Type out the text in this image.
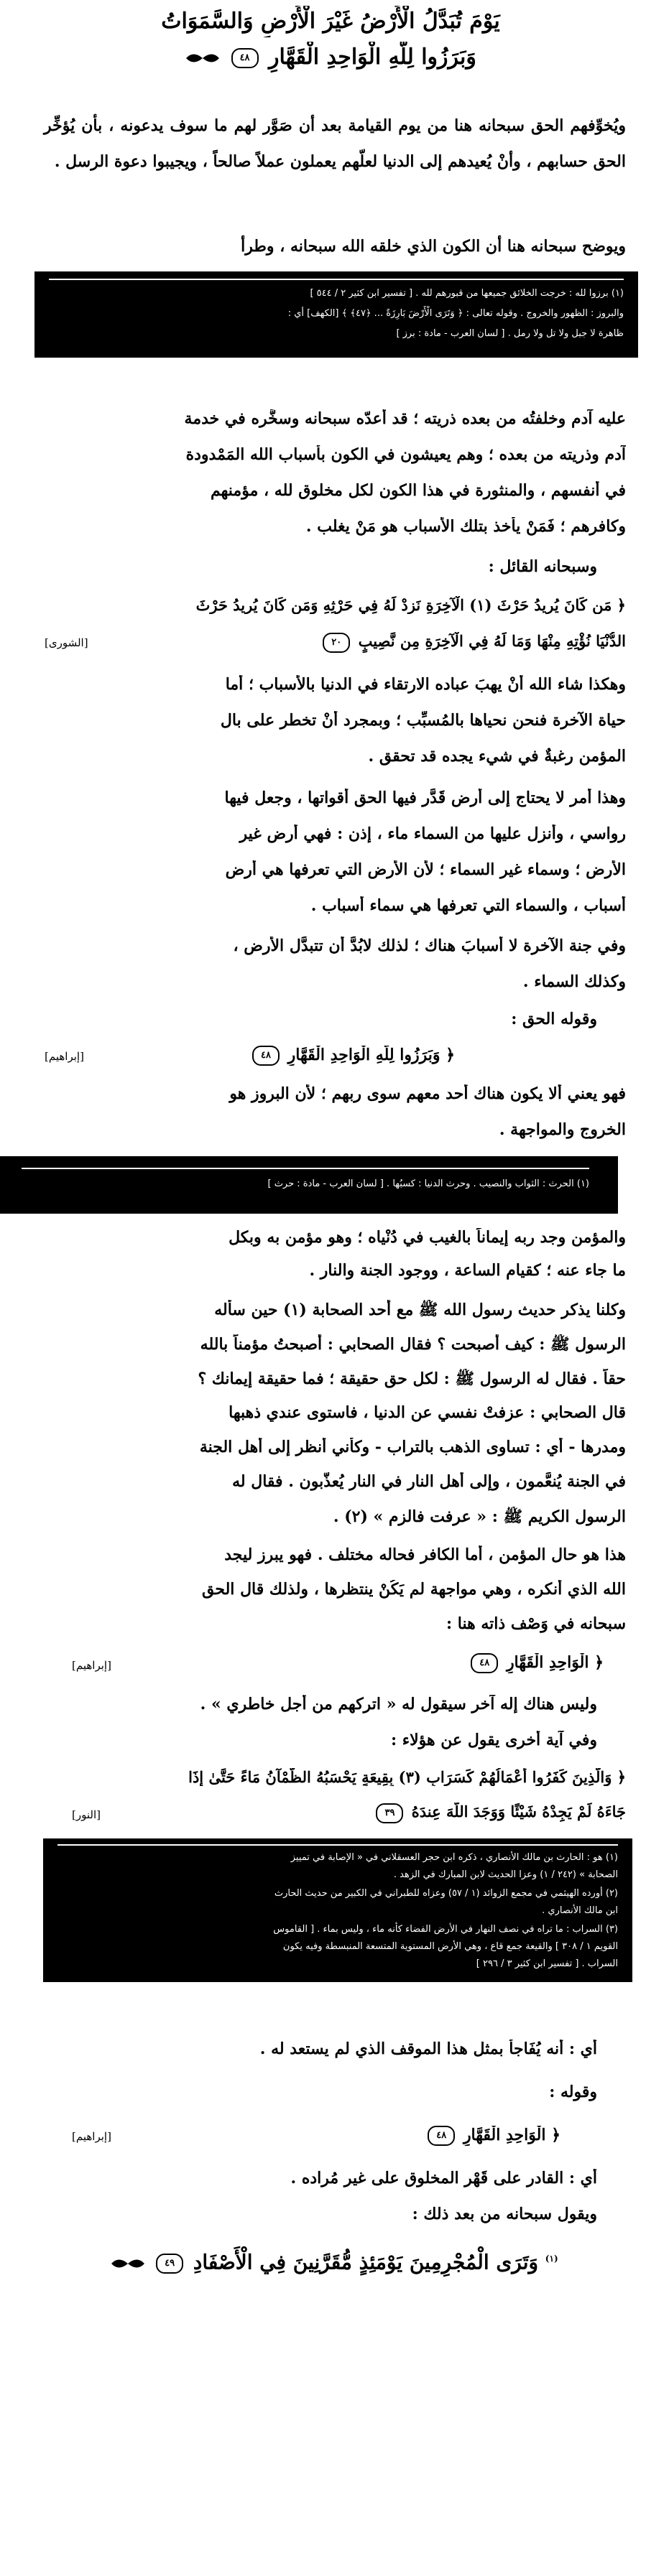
يَوْمَ تُبَدَّلُ الْأَرْضُ غَيْرَ الْأَرْضِ وَالسَّمَوَاتُ
وَبَرَزُوا لِلَّهِ الْوَاحِدِ الْقَهَّارِ ٤٨
ويُخوِّفهم الحق سبحانه هنا من يوم القيامة بعد أن صَوَّر لهم ما سوف يدعونه ، بأن يُؤخِّر الحق حسابهم ، وأنْ يُعيدهم إلى الدنيا لعلّهم يعملون عملاً صالحاً ، ويجيبوا دعوة الرسل .
ويوضح سبحانه هنا أن الكون الذي خلقه الله سبحانه ، وطرأ
(١) برزوا لله : خرجت الخلائق جميعها من قبورهم لله . [ تفسير ابن كثير ٢ / ٥٤٤ ]
والبروز : الظهور والخروج . وقوله تعالى : ﴿ وَتَرَى الْأَرْضَ بَارِزَةً ... ﴿٤٧﴾ ﴾ [الكهف] أي :
ظاهرة لا جبل ولا تل ولا رمل . [ لسان العرب - مادة : برز ]
عليه آدم وخلفتُه من بعده ذريته ؛ قد أعدّه سبحانه وسخَّره في خدمة
آدم وذريته من بعده ؛ وهم يعيشون في الكون بأسباب الله المَمْدودة
في أنفسهم ، والمنثورة في هذا الكون لكل مخلوق لله ، مؤمنهم
وكافرهم ؛ فَمَنْ يأخذ بتلك الأسباب هو مَنْ يغلب .
وسبحانه القائل :
﴿ مَن كَانَ يُرِيدُ حَرْثَ (١) الْآخِرَةِ نَزِدْ لَهُ فِي حَرْثِهِ وَمَن كَانَ يُرِيدُ حَرْثَ
الدُّنْيَا نُؤْتِهِ مِنْهَا وَمَا لَهُ فِي الْآخِرَةِ مِن نَّصِيبٍ ٢٠
[الشورى]
وهكذا شاء الله أنْ يهبَ عباده الارتقاء في الدنيا بالأسباب ؛ أما
حياة الآخرة فنحن نحياها بالمُسبِّب ؛ وبمجرد أنْ تخطر على بال
المؤمن رغبةٌ في شيء يجده قد تحقق .
وهذا أمر لا يحتاج إلى أرض قَدَّر فيها الحق أقواتها ، وجعل فيها
رواسي ، وأنزل عليها من السماء ماء ، إذن : فهي أرض غير
الأرض ؛ وسماء غير السماء ؛ لأن الأرض التي تعرفها هي أرض
أسباب ، والسماء التي تعرفها هي سماء أسباب .
وفي جنة الآخرة لا أسبابَ هناك ؛ لذلك لابُدَّ أن تتبدَّل الأرض ،
وكذلك السماء .
وقوله الحق :
﴿ وَبَرَزُوا لِلَّهِ الْوَاحِدِ الْقَهَّارِ ٤٨
[إبراهيم]
فهو يعني ألا يكون هناك أحد معهم سوى ربهم ؛ لأن البروز هو
الخروج والمواجهة .
(١) الحرث : الثواب والنصيب . وحرث الدنيا : كسبُها . [ لسان العرب - مادة : حرث ]
والمؤمن وجد ربه إيماناً بالغيب في دُنْياه ؛ وهو مؤمن به وبكل
ما جاء عنه ؛ كقيام الساعة ، ووجود الجنة والنار .
وكلنا يذكر حديث رسول الله ﷺ مع أحد الصحابة (١) حين سأله
الرسول ﷺ : كيف أصبحت ؟ فقال الصحابي : أصبحتُ مؤمناً بالله
حقاً . فقال له الرسول ﷺ : لكل حق حقيقة ؛ فما حقيقة إيمانك ؟
قال الصحابي : عزفتْ نفسي عن الدنيا ، فاستوى عندي ذهبها
ومدرها - أي : تساوى الذهب بالتراب - وكأني أنظر إلى أهل الجنة
في الجنة يُنعَّمون ، وإلى أهل النار في النار يُعذَّبون . فقال له
الرسول الكريم ﷺ : « عرفت فالزم » (٢) .
هذا هو حال المؤمن ، أما الكافر فحاله مختلف . فهو يبرز ليجد
الله الذي أنكره ، وهي مواجهة لم يَكُنْ ينتظرها ، ولذلك قال الحق
سبحانه في وَصْف ذاته هنا :
﴿ الْوَاحِدِ الْقَهَّارِ ٤٨
[إبراهيم]
وليس هناك إله آخر سيقول له « اتركهم من أجل خاطري » .
وفي آية أخرى يقول عن هؤلاء :
﴿ وَالَّذِينَ كَفَرُوا أَعْمَالُهُمْ كَسَرَابٍ (٣) بِقِيعَةٍ يَحْسَبُهُ الظَّمْآنُ مَاءً حَتَّىٰ إِذَا
جَاءَهُ لَمْ يَجِدْهُ شَيْئًا وَوَجَدَ اللَّهَ عِندَهُ ٣٩
[النور]
(١) هو : الحارث بن مالك الأنصاري ، ذكره ابن حجر العسقلاني في « الإصابة في تمييز
الصحابة » (٢٤٢ / ١) وعزا الحديث لابن المبارك في الزهد .
(٢) أورده الهيثمي في مجمع الزوائد (١ / ٥٧) وعزاه للطبراني في الكبير من حديث الحارث
ابن مالك الأنصاري .
(٣) السراب : ما تراه في نصف النهار في الأرض الفضاء كأنه ماء ، وليس بماء . [ القاموس
القويم ١ / ٣٠٨ ] والقيعة جمع قاع ، وهي الأرض المستوية المتسعة المنبسطة وفيه يكون
السراب . [ تفسير ابن كثير ٣ / ٢٩٦ ]
أي : أنه يُفَاجأ بمثل هذا الموقف الذي لم يستعد له .
وقوله :
﴿ الْوَاحِدِ الْقَهَّارِ ٤٨
[إبراهيم]
أي : القادر على قَهْر المخلوق على غير مُراده .
ويقول سبحانه من بعد ذلك :
$^{(١)}$ وَتَرَى الْمُجْرِمِينَ يَوْمَئِذٍ مُّقَرَّنِينَ فِي الْأَصْفَادِ ٤٩
